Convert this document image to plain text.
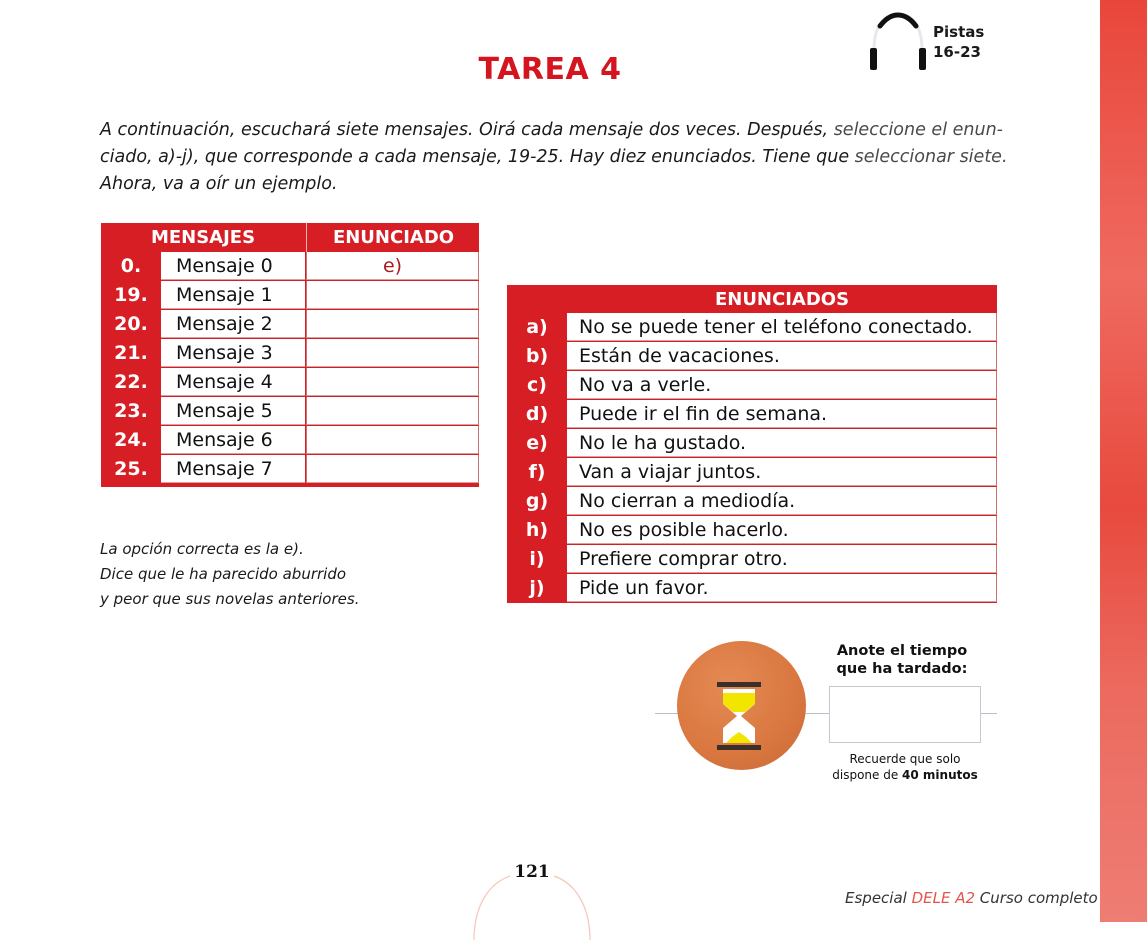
Pistas
16-23
TAREA 4

A continuación, escuchará siete mensajes. Oirá cada mensaje dos veces. Después, seleccione el enun-

ciado, a)-j), que corresponde a cada mensaje, 19-25. Hay diez enunciados. Tiene que seleccionar siete.

Ahora, va a oír un ejemplo.

MENSAJES	ENUNCIADO
0.	Mensaje 0	e)
19.	Mensaje 1
20.	Mensaje 2
21.	Mensaje 3
22.	Mensaje 4
23.	Mensaje 5
24.	Mensaje 6
25.	Mensaje 7
ENUNCIADOS
a)	No se puede tener el teléfono conectado.
b)	Están de vacaciones.
c)	No va a verle.
d)	Puede ir el fin de semana.
e)	No le ha gustado.
f)	Van a viajar juntos.
g)	No cierran a mediodía.
h)	No es posible hacerlo.
i)	Prefiere comprar otro.
j)	Pide un favor.

La opción correcta es la e).

Dice que le ha parecido aburrido

y peor que sus novelas anteriores.

Anote el tiempo

que ha tardado:

Recuerde que solo

dispone de 40 minutos

121
Especial DELE A2 Curso completo
